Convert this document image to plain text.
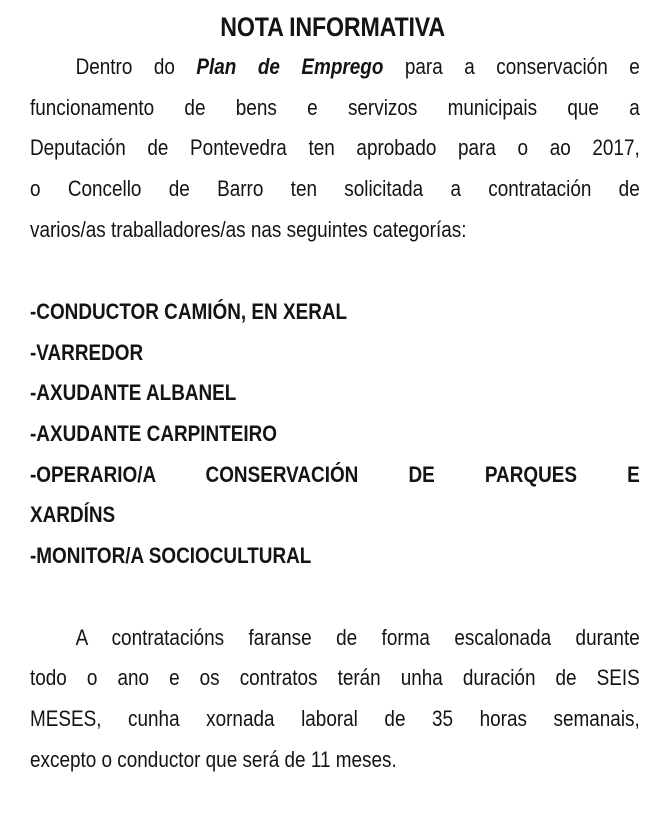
NOTA INFORMATIVA
Dentro do Plan de Emprego para a conservación e
funcionamento de bens e servizos municipais que a
Deputación de Pontevedra ten aprobado para o ao 2017,
o Concello de Barro ten solicitada a contratación de
varios/as traballadores/as nas seguintes categorías:
-CONDUCTOR CAMIÓN, EN XERAL
-VARREDOR
-AXUDANTE ALBANEL
-AXUDANTE CARPINTEIRO
-OPERARIO/A CONSERVACIÓN DE PARQUES E
XARDÍNS
-MONITOR/A SOCIOCULTURAL
A contratacións faranse de forma escalonada durante
todo o ano e os contratos terán unha duración de SEIS
MESES, cunha xornada laboral de 35 horas semanais,
excepto o conductor que será de 11 meses.
